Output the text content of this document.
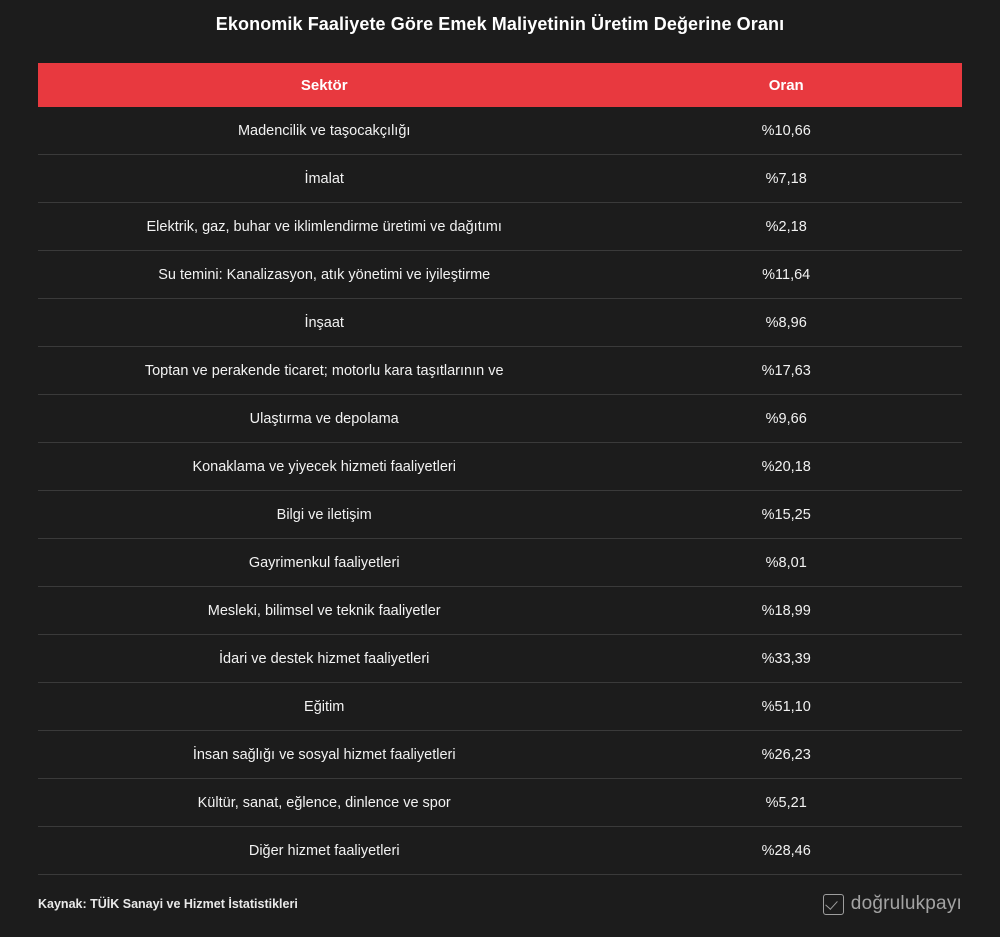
Ekonomik Faaliyete Göre Emek Maliyetinin Üretim Değerine Oranı
Sektör	Oran
Madencilik ve taşocakçılığı	%10,66
İmalat	%7,18
Elektrik, gaz, buhar ve iklimlendirme üretimi ve dağıtımı	%2,18
Su temini: Kanalizasyon, atık yönetimi ve iyileştirme	%11,64
İnşaat	%8,96
Toptan ve perakende ticaret; motorlu kara taşıtlarının ve	%17,63
Ulaştırma ve depolama	%9,66
Konaklama ve yiyecek hizmeti faaliyetleri	%20,18
Bilgi ve iletişim	%15,25
Gayrimenkul faaliyetleri	%8,01
Mesleki, bilimsel ve teknik faaliyetler	%18,99
İdari ve destek hizmet faaliyetleri	%33,39
Eğitim	%51,10
İnsan sağlığı ve sosyal hizmet faaliyetleri	%26,23
Kültür, sanat, eğlence, dinlence ve spor	%5,21
Diğer hizmet faaliyetleri	%28,46
Kaynak: TÜİK Sanayi ve Hizmet İstatistikleri	doğrulukpayı
